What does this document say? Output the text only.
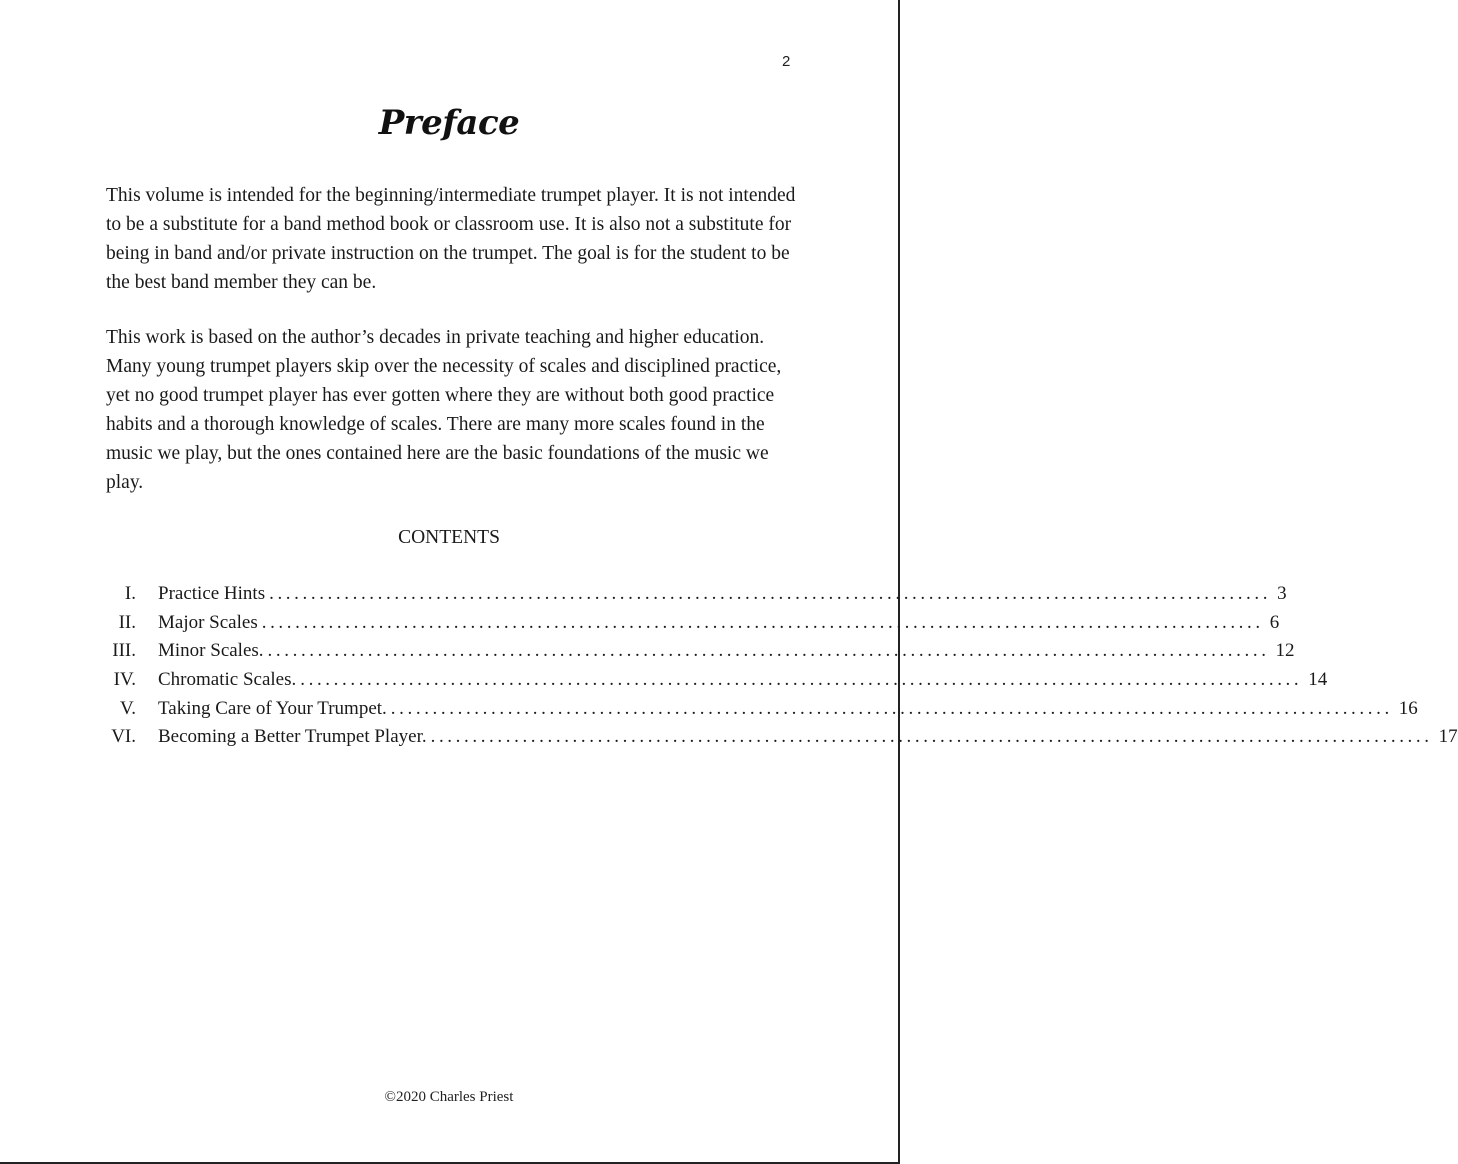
2
Preface

This volume is intended for the beginning/intermediate trumpet player. It is not intended to be a substitute for a band method book or classroom use. It is also not a substitute for being in band and/or private instruction on the trumpet. The goal is for the student to be the best band member they can be.

This work is based on the author’s decades in private teaching and higher education. Many young trumpet players skip over the necessity of scales and disciplined practice, yet no good trumpet player has ever gotten where they are without both good practice habits and a thorough knowledge of scales. There are many more scales found in the music we play, but the ones contained here are the basic foundations of the music we play.

CONTENTS
I. Practice Hints ........................................................................................................................ 3
II. Major Scales ........................................................................................................................ 6
III. Minor Scales. ........................................................................................................................ 12
IV. Chromatic Scales. ........................................................................................................................ 14
V. Taking Care of Your Trumpet. ........................................................................................................................ 16
VI. Becoming a Better Trumpet Player. ........................................................................................................................ 17
©2020 Charles Priest
